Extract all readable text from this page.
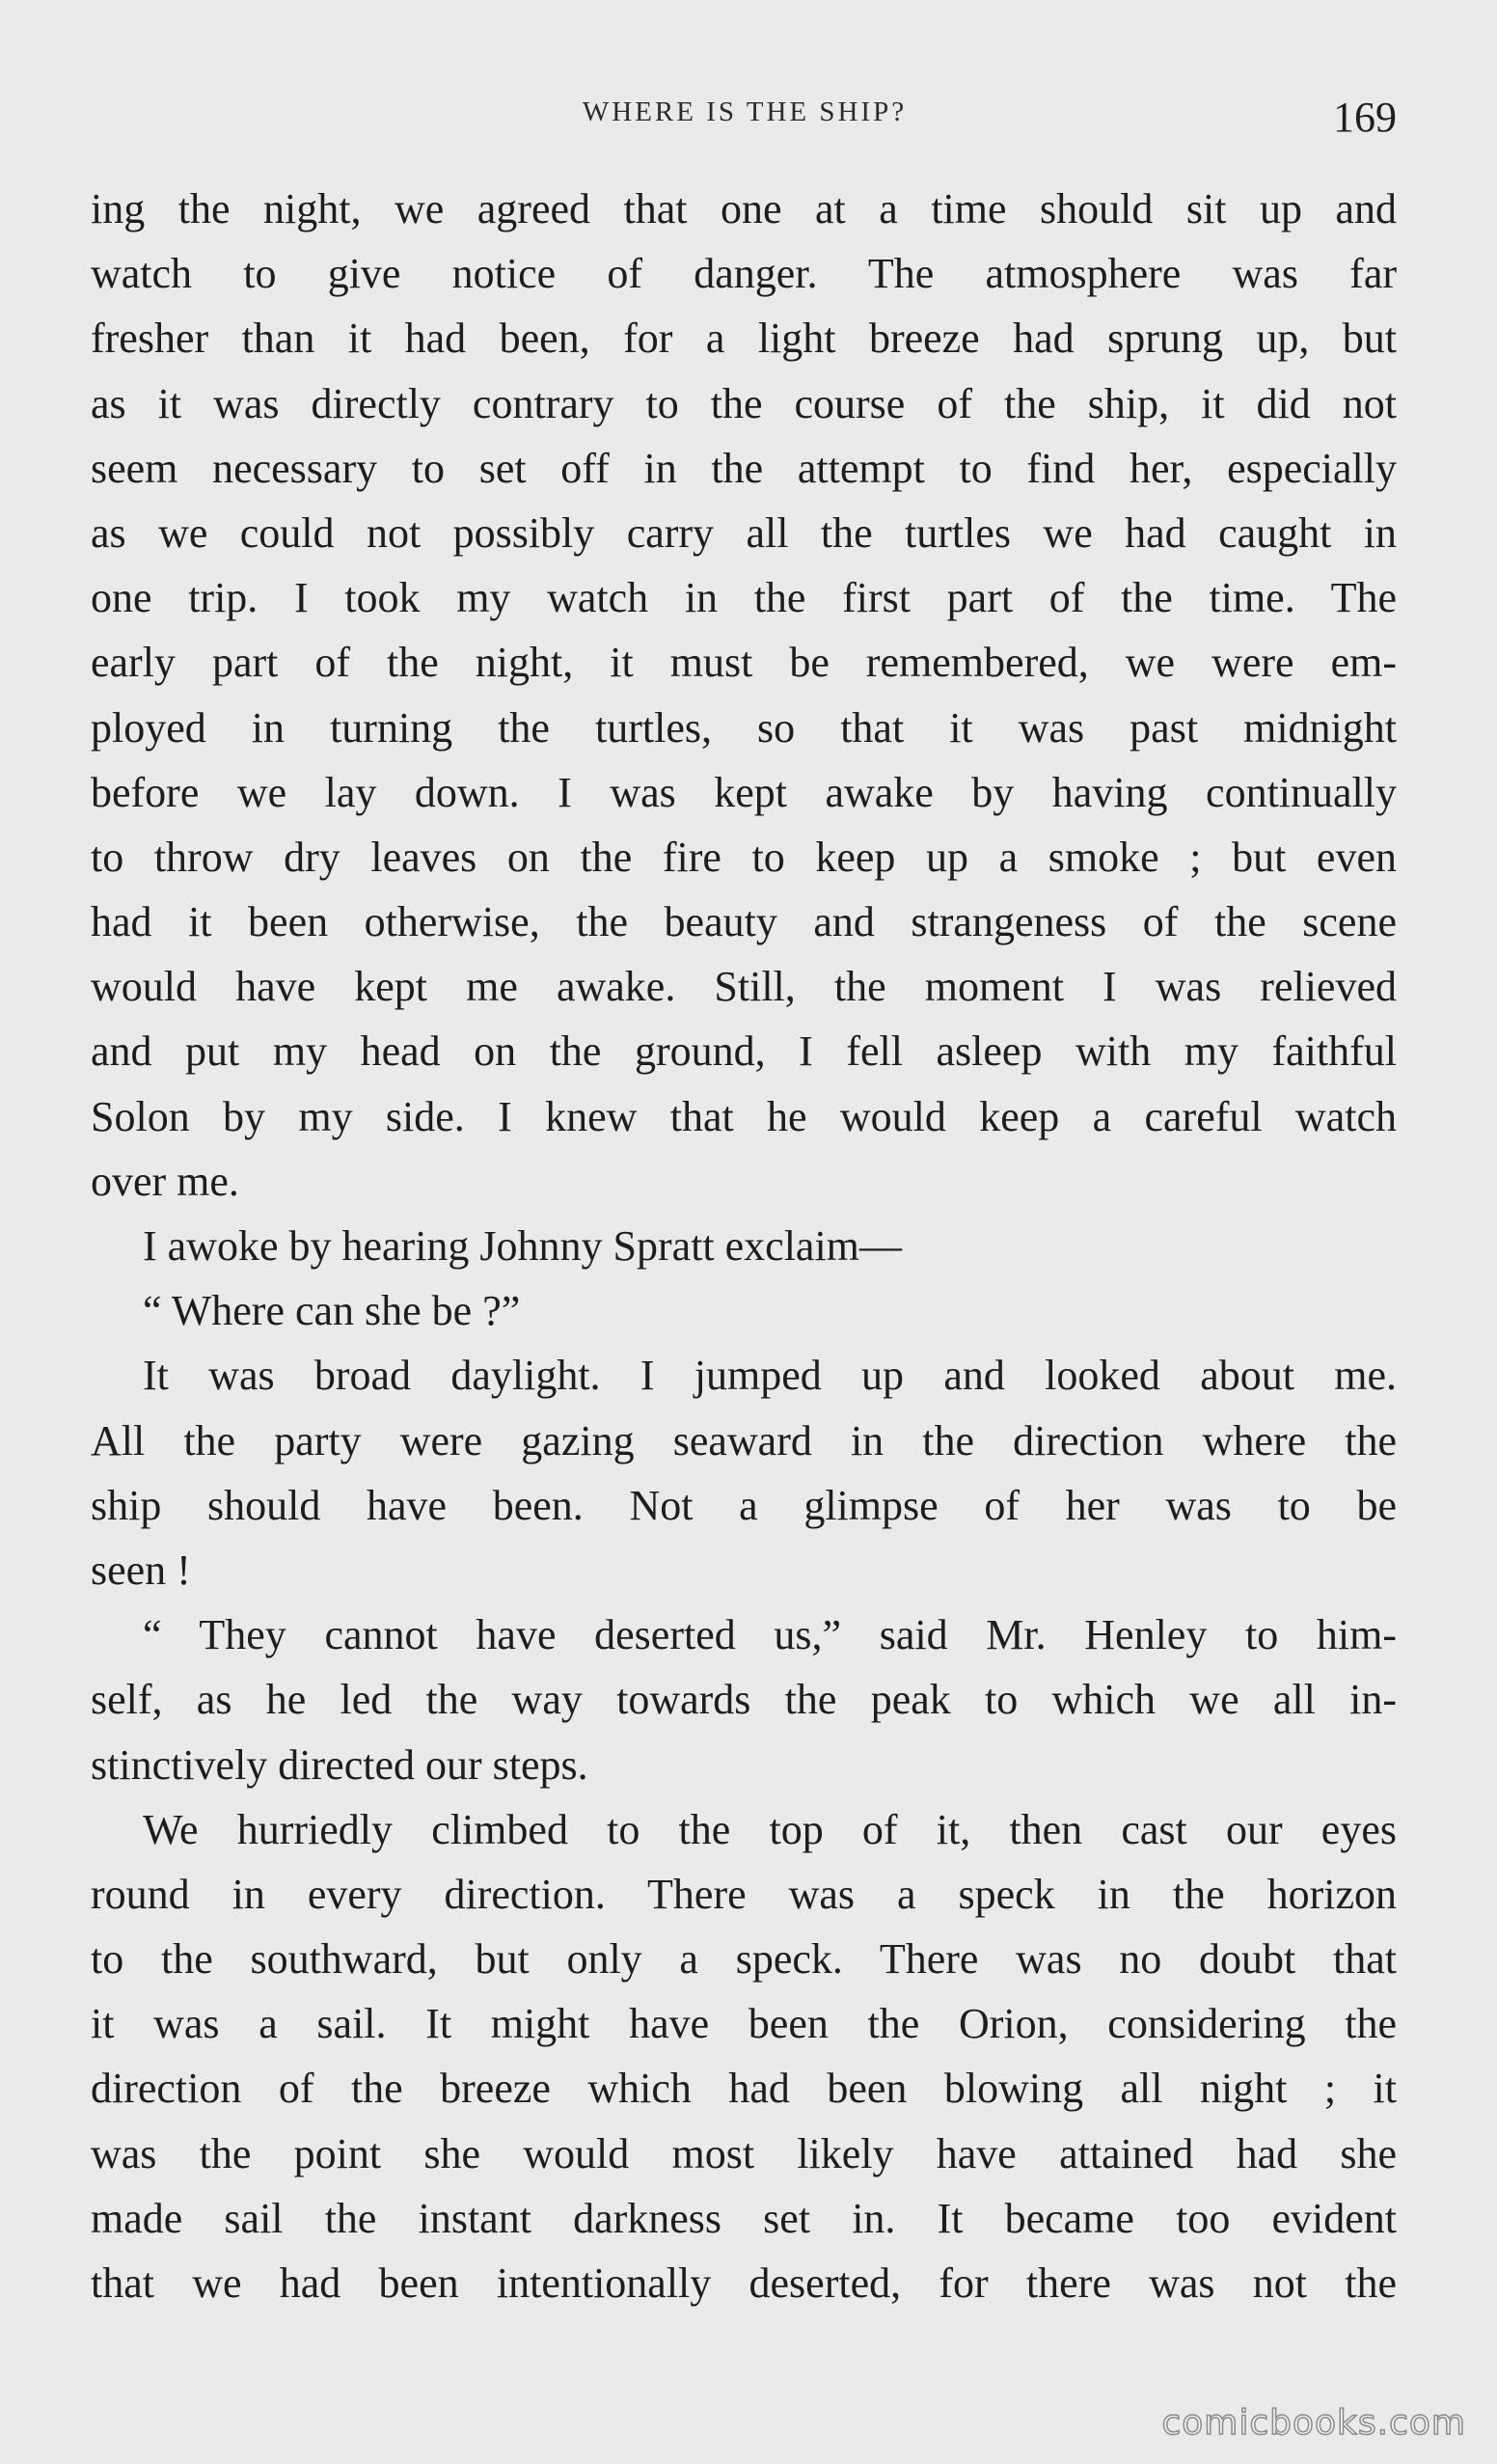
WHERE IS THE SHIP?	169
ing the night, we agreed that one at a time should sit up and
watch to give notice of danger. The atmosphere was far
fresher than it had been, for a light breeze had sprung up, but
as it was directly contrary to the course of the ship, it did not
seem necessary to set off in the attempt to find her, especially
as we could not possibly carry all the turtles we had caught in
one trip. I took my watch in the first part of the time. The
early part of the night, it must be remembered, we were em-
ployed in turning the turtles, so that it was past midnight
before we lay down. I was kept awake by having continually
to throw dry leaves on the fire to keep up a smoke ; but even
had it been otherwise, the beauty and strangeness of the scene
would have kept me awake. Still, the moment I was relieved
and put my head on the ground, I fell asleep with my faithful
Solon by my side. I knew that he would keep a careful watch
over me.
I awoke by hearing Johnny Spratt exclaim—
“ Where can she be ?”
It was broad daylight. I jumped up and looked about me.
All the party were gazing seaward in the direction where the
ship should have been. Not a glimpse of her was to be
seen !
“ They cannot have deserted us,” said Mr. Henley to him-
self, as he led the way towards the peak to which we all in-
stinctively directed our steps.
We hurriedly climbed to the top of it, then cast our eyes
round in every direction. There was a speck in the horizon
to the southward, but only a speck. There was no doubt that
it was a sail. It might have been the Orion, considering the
direction of the breeze which had been blowing all night ; it
was the point she would most likely have attained had she
made sail the instant darkness set in. It became too evident
that we had been intentionally deserted, for there was not the
comicbooks.com
